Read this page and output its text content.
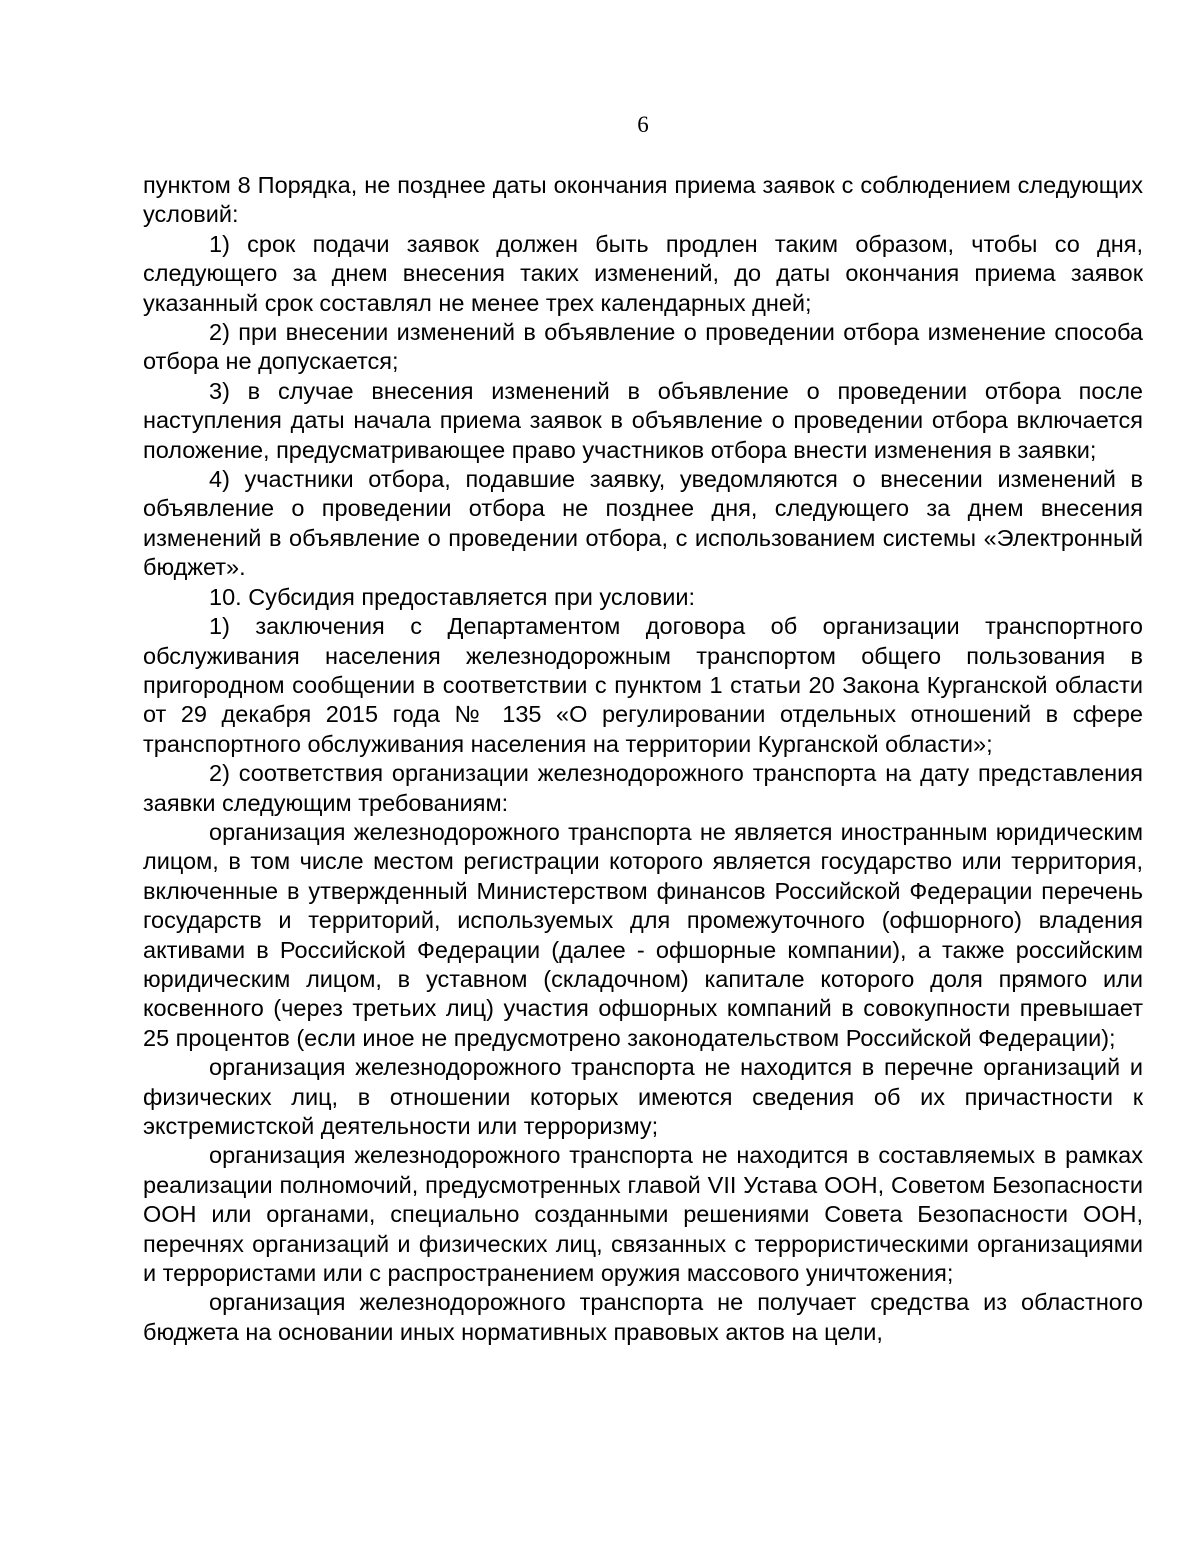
6

пунктом 8 Порядка, не позднее даты окончания приема заявок с соблюдением следующих условий:

1) срок подачи заявок должен быть продлен таким образом, чтобы со дня, следующего за днем внесения таких изменений, до даты окончания приема заявок указанный срок составлял не менее трех календарных дней;

2) при внесении изменений в объявление о проведении отбора изменение способа отбора не допускается;

3) в случае внесения изменений в объявление о проведении отбора после наступления даты начала приема заявок в объявление о проведении отбора включается положение, предусматривающее право участников отбора внести изменения в заявки;

4) участники отбора, подавшие заявку, уведомляются о внесении изменений в объявление о проведении отбора не позднее дня, следующего за днем внесения изменений в объявление о проведении отбора, с использованием системы «Электронный бюджет».

10. Субсидия предоставляется при условии:

1) заключения с Департаментом договора об организации транспортного обслуживания населения железнодорожным транспортом общего пользования в пригородном сообщении в соответствии с пунктом 1 статьи 20 Закона Курганской области от 29 декабря 2015 года № 135 «О регулировании отдельных отношений в сфере транспортного обслуживания населения на территории Курганской области»;

2) соответствия организации железнодорожного транспорта на дату представления заявки следующим требованиям:

организация железнодорожного транспорта не является иностранным юридическим лицом, в том числе местом регистрации которого является государство или территория, включенные в утвержденный Министерством финансов Российской Федерации перечень государств и территорий, используемых для промежуточного (офшорного) владения активами в Российской Федерации (далее - офшорные компании), а также российским юридическим лицом, в уставном (складочном) капитале которого доля прямого или косвенного (через третьих лиц) участия офшорных компаний в совокупности превышает 25 процентов (если иное не предусмотрено законодательством Российской Федерации);

организация железнодорожного транспорта не находится в перечне организаций и физических лиц, в отношении которых имеются сведения об их причастности к экстремистской деятельности или терроризму;

организация железнодорожного транспорта не находится в составляемых в рамках реализации полномочий, предусмотренных главой VII Устава ООН, Советом Безопасности ООН или органами, специально созданными решениями Совета Безопасности ООН, перечнях организаций и физических лиц, связанных с террористическими организациями и террористами или с распространением оружия массового уничтожения;

организация железнодорожного транспорта не получает средства из областного бюджета на основании иных нормативных правовых актов на цели,
